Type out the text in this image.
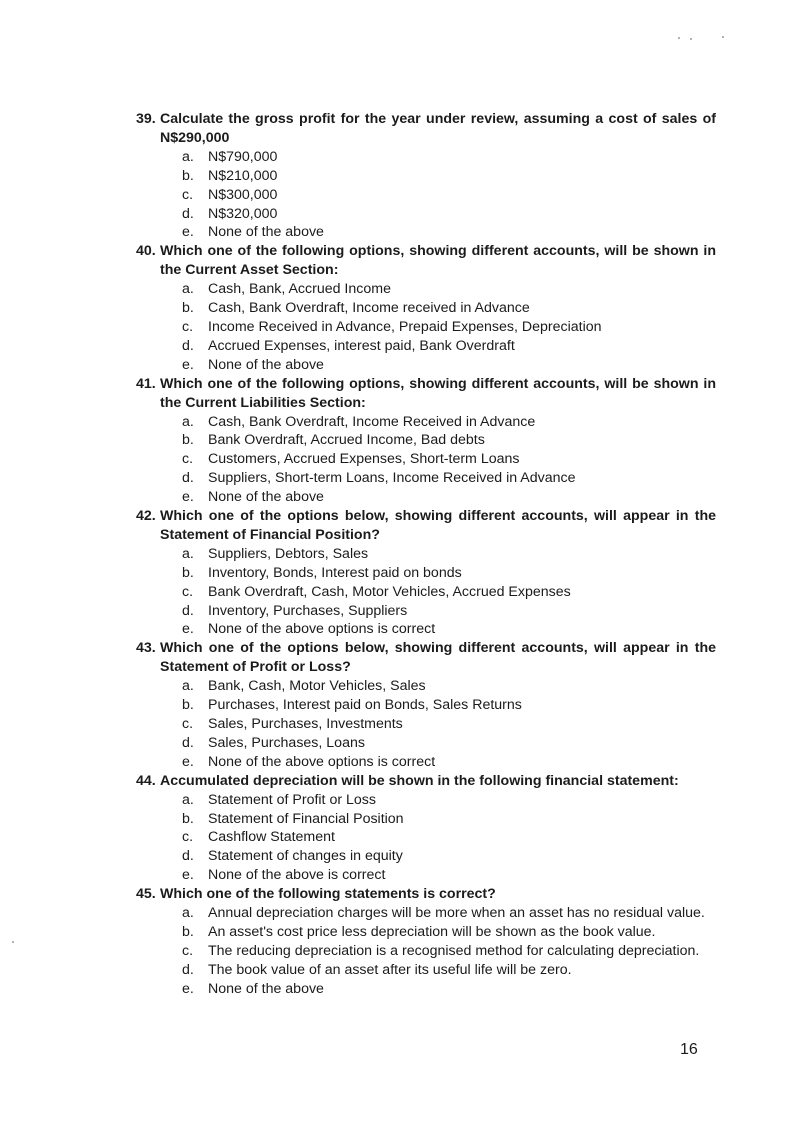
39. Calculate the gross profit for the year under review, assuming a cost of sales of N$290,000
a. N$790,000
b. N$210,000
c.	N$300,000
d. N$320,000
e. None of the above
40. Which one of the following options, showing different accounts, will be shown in the Current Asset Section:
a. Cash, Bank, Accrued Income
b. Cash, Bank Overdraft, Income received in Advance
c.	Income Received in Advance, Prepaid Expenses, Depreciation
d. Accrued Expenses, interest paid, Bank Overdraft
e. None of the above
41. Which one of the following options, showing different accounts, will be shown in the Current Liabilities Section:
a. Cash, Bank Overdraft, Income Received in Advance
b. Bank Overdraft, Accrued Income, Bad debts
c.	Customers, Accrued Expenses, Short-term Loans
d. Suppliers, Short-term Loans, Income Received in Advance
e. None of the above
42. Which one of the options below, showing different accounts, will appear in the Statement of Financial Position?
a. Suppliers, Debtors, Sales
b. Inventory, Bonds, Interest paid on bonds
c.	Bank Overdraft, Cash, Motor Vehicles, Accrued Expenses
d. Inventory, Purchases, Suppliers
e. None of the above options is correct
43. Which one of the options below, showing different accounts, will appear in the Statement of Profit or Loss?
a. Bank, Cash, Motor Vehicles, Sales
b. Purchases, Interest paid on Bonds, Sales Returns
c.	Sales, Purchases, Investments
d. Sales, Purchases, Loans
e. None of the above options is correct
44. Accumulated depreciation will be shown in the following financial statement:
a. Statement of Profit or Loss
b. Statement of Financial Position
c.	Cashflow Statement
d. Statement of changes in equity
e. None of the above is correct
45. Which one of the following statements is correct?
a. Annual depreciation charges will be more when an asset has no residual value.
b. An asset's cost price less depreciation will be shown as the book value.
c.	The reducing depreciation is a recognised method for calculating depreciation.
d. The book value of an asset after its useful life will be zero.
e. None of the above
16
